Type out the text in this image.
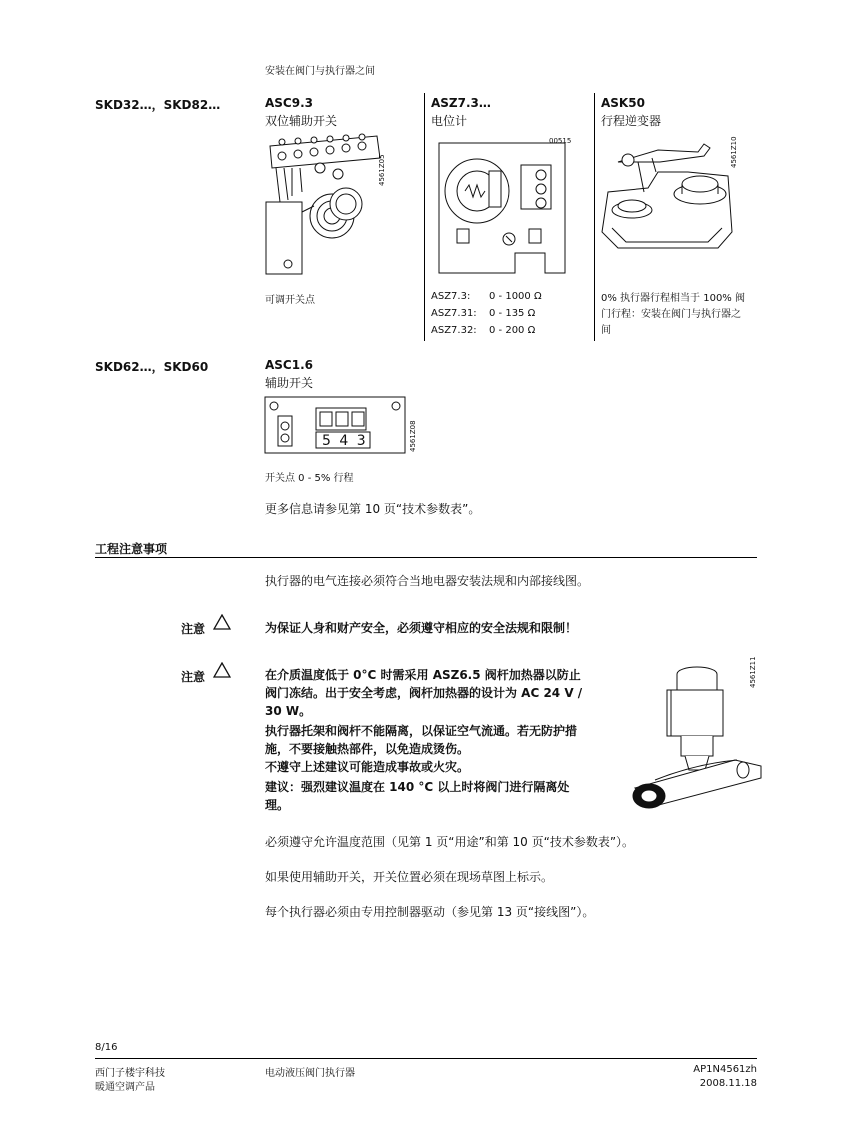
安装在阀门与执行器之间
SKD32…，SKD82…	ASC9.3
双位辅助开关
4561Z05
可调开关点
ASZ7.3…
电位计
00515
ASZ7.3: 0 - 1000 Ω
ASZ7.31: 0 - 135 Ω
ASZ7.32: 0 - 200 Ω
ASK50
行程逆变器
4561Z10
0% 执行器行程相当于 100% 阀
门行程：安装在阀门与执行器之
间
SKD62…，SKD60	ASC1.6
辅助开关
5 4 3	4561Z08
开关点 0 - 5% 行程
更多信息请参见第 10 页“技术参数表”。
工程注意事项
执行器的电气连接必须符合当地电器安装法规和内部接线图。
注意	为保证人身和财产安全，必须遵守相应的安全法规和限制！
注意	在介质温度低于 0°C 时需采用 ASZ6.5 阀杆加热器以防止
阀门冻结。出于安全考虑，阀杆加热器的设计为 AC 24 V /
30 W。
执行器托架和阀杆不能隔离，以保证空气流通。若无防护措
施，不要接触热部件，以免造成烫伤。
不遵守上述建议可能造成事故或火灾。
建议：强烈建议温度在 140 °C 以上时将阀门进行隔离处
理。
4561Z11
必须遵守允许温度范围（见第 1 页“用途”和第 10 页“技术参数表”）。
如果使用辅助开关，开关位置必须在现场草图上标示。
每个执行器必须由专用控制器驱动（参见第 13 页“接线图”）。
8/16
西门子楼宇科技
暖通空调产品
电动液压阀门执行器	AP1N4561zh
2008.11.18
